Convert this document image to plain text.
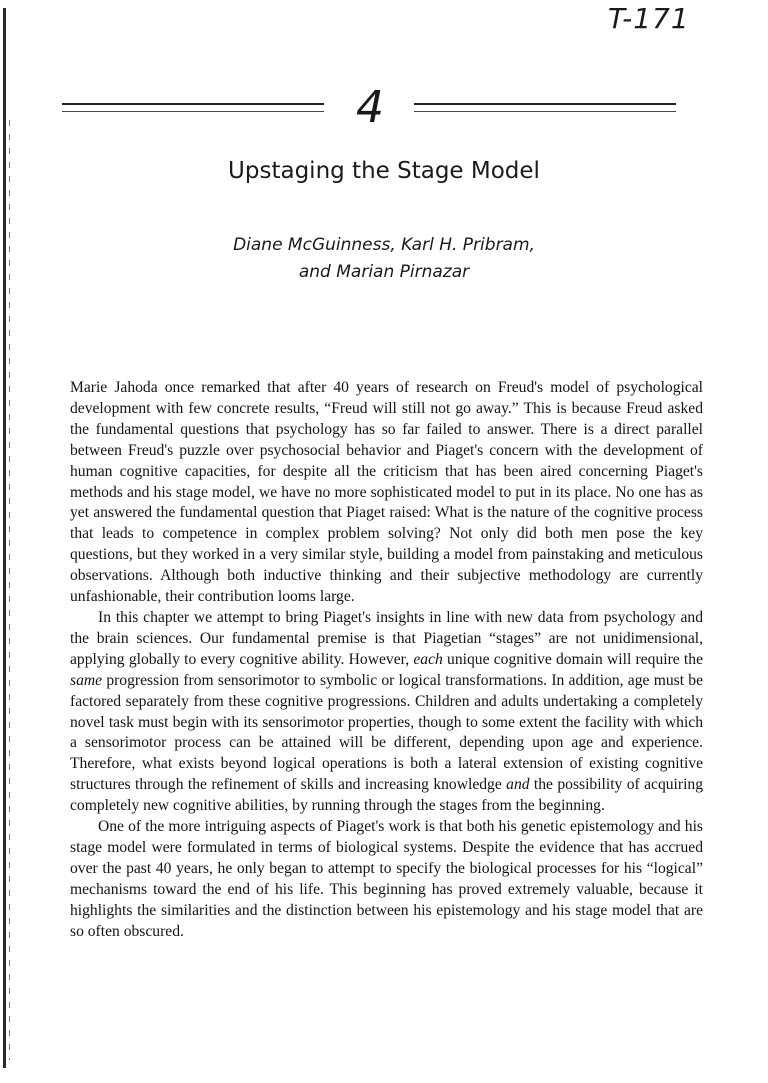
T-171
4
Upstaging the Stage Model
Diane McGuinness, Karl H. Pribram,
and Marian Pirnazar

Marie Jahoda once remarked that after 40 years of research on Freud's model of psychological development with few concrete results, “Freud will still not go away.” This is because Freud asked the fundamental questions that psychology has so far failed to answer. There is a direct parallel between Freud's puzzle over psychosocial behavior and Piaget's concern with the development of human cognitive capacities, for despite all the criticism that has been aired concerning Piaget's methods and his stage model, we have no more sophisticated model to put in its place. No one has as yet answered the fundamental question that Piaget raised: What is the nature of the cognitive process that leads to competence in complex problem solving? Not only did both men pose the key questions, but they worked in a very similar style, building a model from painstaking and meticulous observations. Although both inductive thinking and their subjective methodology are currently unfashionable, their contribution looms large.

In this chapter we attempt to bring Piaget's insights in line with new data from psychology and the brain sciences. Our fundamental premise is that Piagetian “stages” are not unidimensional, applying globally to every cognitive ability. However, each unique cognitive domain will require the same progression from sensorimotor to symbolic or logical transformations. In addition, age must be factored separately from these cognitive progressions. Children and adults undertaking a completely novel task must begin with its sensorimotor properties, though to some extent the facility with which a sensorimotor process can be attained will be different, depending upon age and experience. Therefore, what exists beyond logical operations is both a lateral extension of existing cognitive structures through the refinement of skills and increasing knowledge and the possibility of acquiring completely new cognitive abilities, by running through the stages from the beginning.

One of the more intriguing aspects of Piaget's work is that both his genetic epistemology and his stage model were formulated in terms of biological systems. Despite the evidence that has accrued over the past 40 years, he only began to attempt to specify the biological processes for his “logical” mechanisms toward the end of his life. This beginning has proved extremely valuable, because it highlights the similarities and the distinction between his epistemology and his stage model that are so often obscured.
